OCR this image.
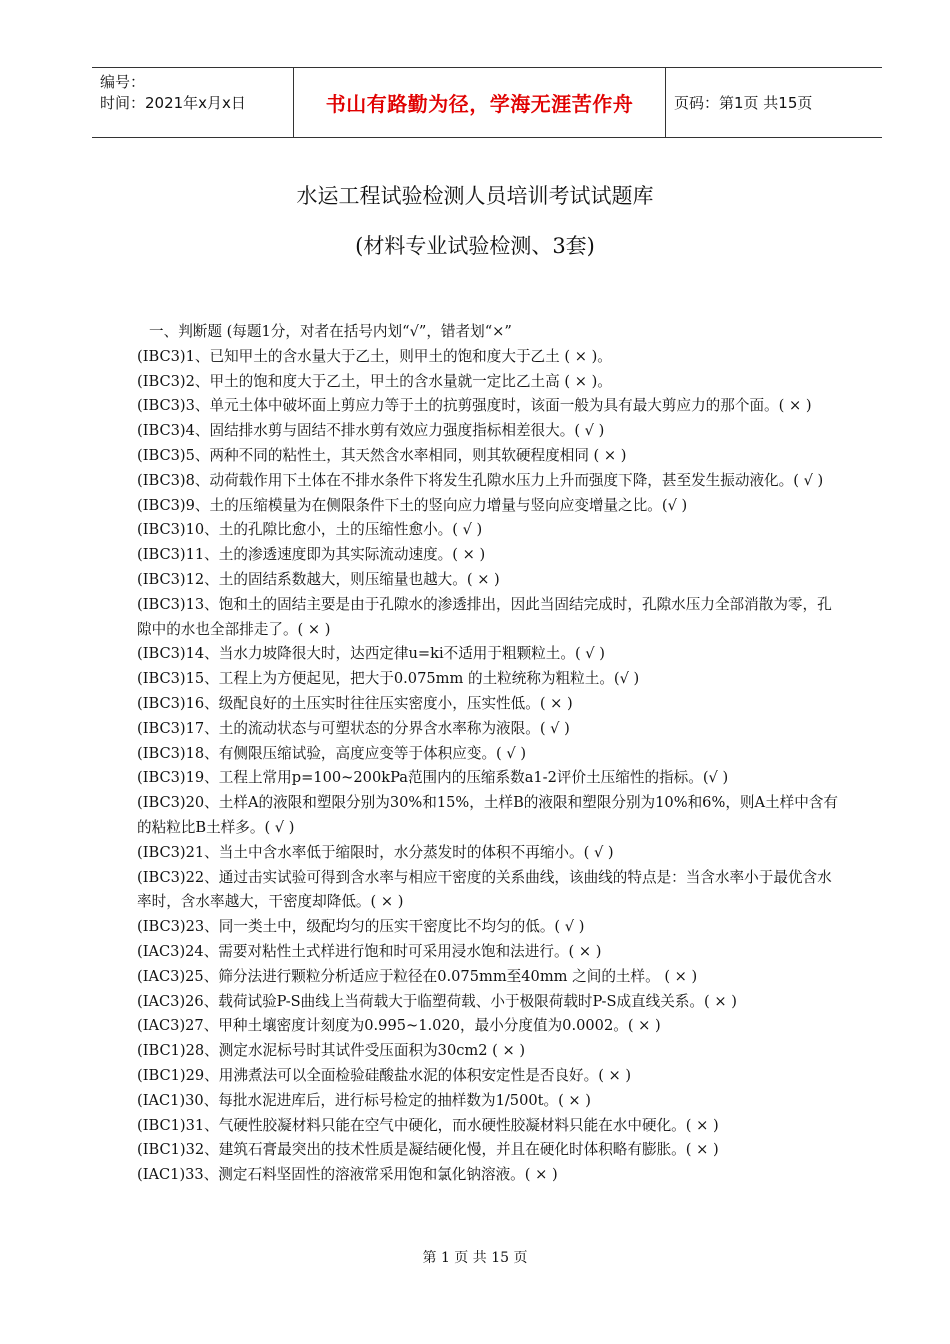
编号：
时间：2021年x月x日	书山有路勤为径，学海无涯苦作舟	页码：第1页 共15页
水运工程试验检测人员培训考试试题库
(材料专业试验检测、3套)

一、判断题 (每题1分，对者在括号内划“√”，错者划“×”

(IBC3)1、已知甲土的含水量大于乙土，则甲土的饱和度大于乙土 ( × )。

(IBC3)2、甲土的饱和度大于乙土，甲土的含水量就一定比乙土高 ( × )。

(IBC3)3、单元土体中破坏面上剪应力等于土的抗剪强度时，该面一般为具有最大剪应力的那个面。( × )

(IBC3)4、固结排水剪与固结不排水剪有效应力强度指标相差很大。( √ )

(IBC3)5、两种不同的粘性土，其天然含水率相同，则其软硬程度相同 ( × )

(IBC3)8、动荷载作用下土体在不排水条件下将发生孔隙水压力上升而强度下降，甚至发生振动液化。( √ )

(IBC3)9、土的压缩模量为在侧限条件下土的竖向应力增量与竖向应变增量之比。(√ )

(IBC3)10、土的孔隙比愈小，土的压缩性愈小。( √ )

(IBC3)11、土的渗透速度即为其实际流动速度。( × )

(IBC3)12、土的固结系数越大，则压缩量也越大。( × )

(IBC3)13、饱和土的固结主要是由于孔隙水的渗透排出，因此当固结完成时，孔隙水压力全部消散为零，孔隙中的水也全部排走了。( × )

(IBC3)14、当水力坡降很大时，达西定律u=ki不适用于粗颗粒土。( √ )

(IBC3)15、工程上为方便起见，把大于0.075mm 的土粒统称为粗粒土。(√ )

(IBC3)16、级配良好的土压实时往往压实密度小，压实性低。( × )

(IBC3)17、土的流动状态与可塑状态的分界含水率称为液限。( √ )

(IBC3)18、有侧限压缩试验，高度应变等于体积应变。( √ )

(IBC3)19、工程上常用p=100~200kPa范围内的压缩系数a1-2评价土压缩性的指标。(√ )

(IBC3)20、土样A的液限和塑限分别为30%和15%，土样B的液限和塑限分别为10%和6%，则A土样中含有的粘粒比B土样多。( √ )

(IBC3)21、当土中含水率低于缩限时，水分蒸发时的体积不再缩小。( √ )

(IBC3)22、通过击实试验可得到含水率与相应干密度的关系曲线，该曲线的特点是：当含水率小于最优含水率时，含水率越大，干密度却降低。( × )

(IBC3)23、同一类土中，级配均匀的压实干密度比不均匀的低。( √ )

(IAC3)24、需要对粘性土式样进行饱和时可采用浸水饱和法进行。( × )

(IAC3)25、筛分法进行颗粒分析适应于粒径在0.075mm至40mm 之间的土样。 ( × )

(IAC3)26、载荷试验P-S曲线上当荷载大于临塑荷载、小于极限荷载时P-S成直线关系。( × )

(IAC3)27、甲种土壤密度计刻度为0.995~1.020，最小分度值为0.0002。( × )

(IBC1)28、测定水泥标号时其试件受压面积为30cm2 ( × )

(IBC1)29、用沸煮法可以全面检验硅酸盐水泥的体积安定性是否良好。( × )

(IAC1)30、每批水泥进库后，进行标号检定的抽样数为1/500t。( × )

(IBC1)31、气硬性胶凝材料只能在空气中硬化，而水硬性胶凝材料只能在水中硬化。( × )

(IBC1)32、建筑石膏最突出的技术性质是凝结硬化慢，并且在硬化时体积略有膨胀。( × )

(IAC1)33、测定石料坚固性的溶液常采用饱和氯化钠溶液。( × )

第 1 页 共 15 页
